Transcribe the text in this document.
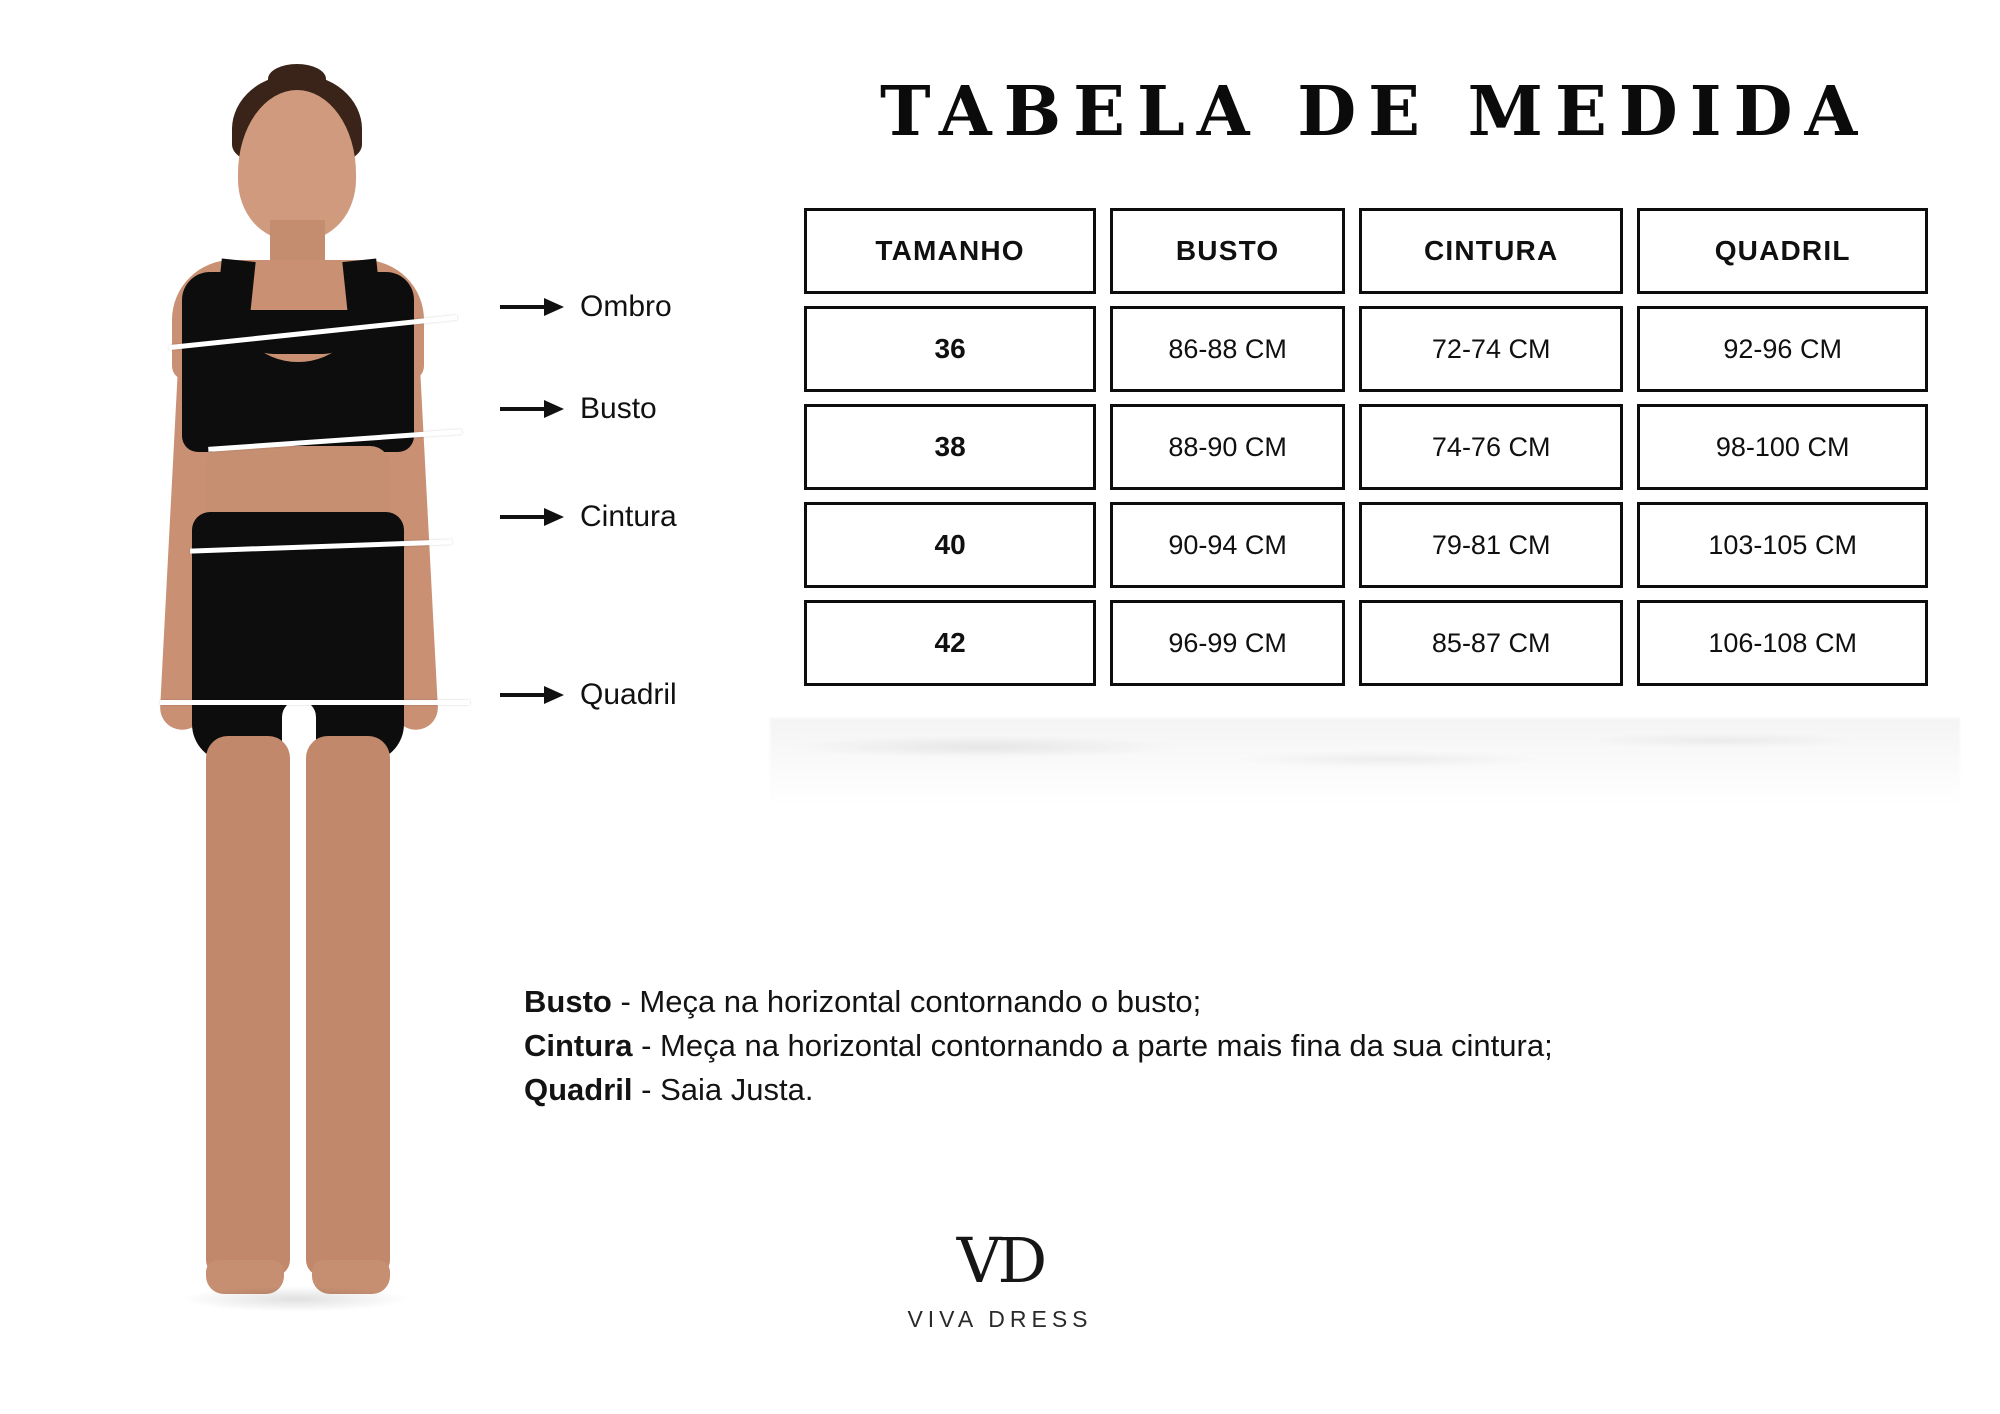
Ombro
Busto
Cintura
Quadril
TABELA DE MEDIDA
TAMANHO	BUSTO	CINTURA	QUADRIL
36	86-88 CM	72-74 CM	92-96 CM
38	88-90 CM	74-76 CM	98-100 CM
40	90-94 CM	79-81 CM	103-105 CM
42	96-99 CM	85-87 CM	106-108 CM
Busto - Meça na horizontal contornando o busto;
Cintura - Meça na horizontal contornando a parte mais fina da sua cintura;
Quadril - Saia Justa.
VD
VIVA DRESS
